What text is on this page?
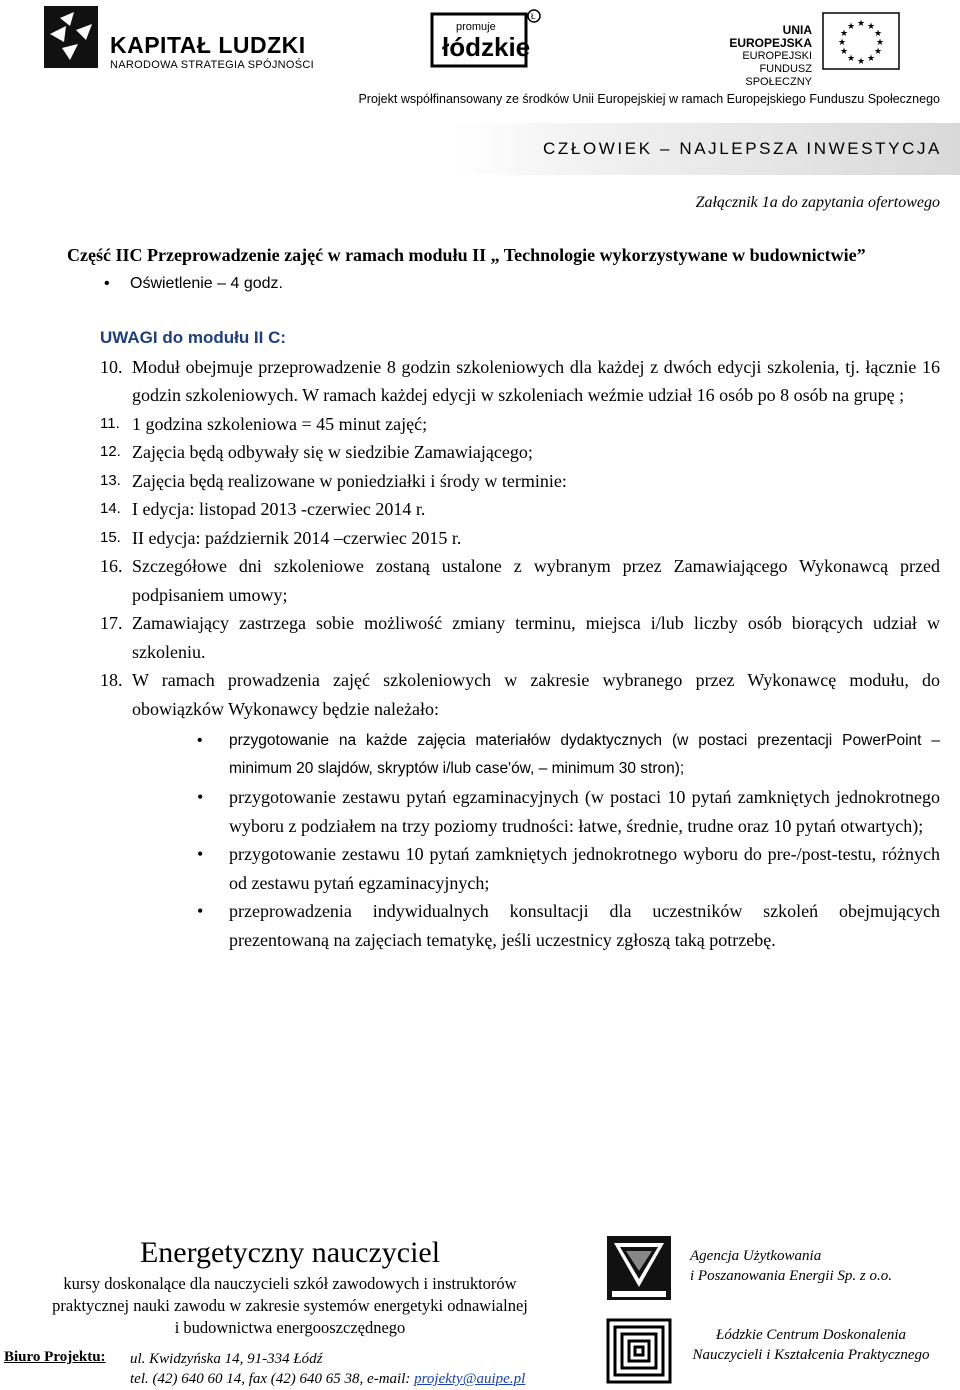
KAPITAŁ LUDZKI
NARODOWA STRATEGIA SPÓJNOŚCI
Ł
promuje
łódzkie
UNIA EUROPEJSKA
EUROPEJSKI
FUNDUSZ SPOŁECZNY
★ ★
★
★
★
★
★
★
★
★
★
★
Projekt współfinansowany ze środków Unii Europejskiej w ramach Europejskiego Funduszu Społecznego
CZŁOWIEK – NAJLEPSZA INWESTYCJA
Załącznik 1a do zapytania ofertowego
Część IIC Przeprowadzenie zajęć w ramach modułu II „ Technologie wykorzystywane w budownictwie”
• Oświetlenie – 4 godz.
UWAGI do modułu II C:
10. Moduł obejmuje przeprowadzenie 8 godzin szkoleniowych dla każdej z dwóch edycji szkolenia, tj. łącznie 16 godzin szkoleniowych. W ramach każdej edycji w szkoleniach weźmie udział 16 osób po 8 osób na grupę ;
11. 1 godzina szkoleniowa = 45 minut zajęć;
12. Zajęcia będą odbywały się w siedzibie Zamawiającego;
13. Zajęcia będą realizowane w poniedziałki i środy w terminie:
14. I edycja: listopad 2013 -czerwiec 2014 r.
15. II edycja: październik 2014 –czerwiec 2015 r.
16. Szczegółowe dni szkoleniowe zostaną ustalone z wybranym przez Zamawiającego Wykonawcą przed podpisaniem umowy;
17. Zamawiający zastrzega sobie możliwość zmiany terminu, miejsca i/lub liczby osób biorących udział w szkoleniu.
18. W ramach prowadzenia zajęć szkoleniowych w zakresie wybranego przez Wykonawcę modułu, do obowiązków Wykonawcy będzie należało:
• przygotowanie na każde zajęcia materiałów dydaktycznych (w postaci prezentacji PowerPoint – minimum 20 slajdów, skryptów i/lub case'ów, – minimum 30 stron);
• przygotowanie zestawu pytań egzaminacyjnych (w postaci 10 pytań zamkniętych jednokrotnego wyboru z podziałem na trzy poziomy trudności: łatwe, średnie, trudne oraz 10 pytań otwartych);
• przygotowanie zestawu 10 pytań zamkniętych jednokrotnego wyboru do pre-/post-testu, różnych od zestawu pytań egzaminacyjnych;
• przeprowadzenia indywidualnych konsultacji dla uczestników szkoleń obejmujących prezentowaną na zajęciach tematykę, jeśli uczestnicy zgłoszą taką potrzebę.
Energetyczny nauczyciel
kursy doskonalące dla nauczycieli szkół zawodowych i instruktorów
praktycznej nauki zawodu w zakresie systemów energetyki odnawialnej
i budownictwa energooszczędnego
Biuro Projektu: ul. Kwidzyńska 14, 91-334 Łódź
tel. (42) 640 60 14, fax (42) 640 65 38, e-mail: projekty@auipe.pl
Agencja Użytkowania
i Poszanowania Energii Sp. z o.o.
Łódzkie Centrum Doskonalenia
Nauczycieli i Kształcenia Praktycznego
